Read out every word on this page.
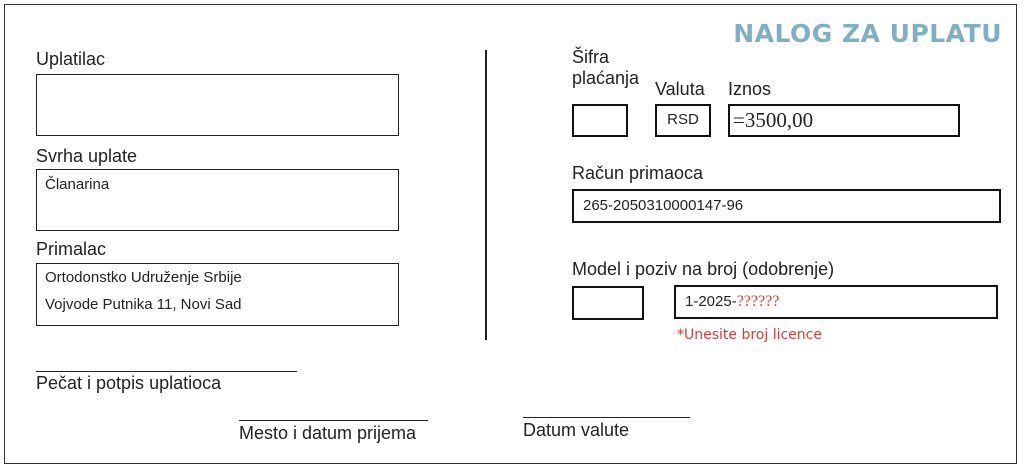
NALOG ZA UPLATU
Uplatilac
Svrha uplate
Članarina
Primalac
Ortodonstko Udruženje Srbije
Vojvode Putnika 11, Novi Sad
Pečat i potpis uplatioca
Mesto i datum prijema
Šifra
plaćanja
Valuta
RSD
Iznos
=3500,00
Račun primaoca
265-2050310000147-96
Model i poziv na broj (odobrenje)
1-2025-??????
*Unesite broj licence
Datum valute
